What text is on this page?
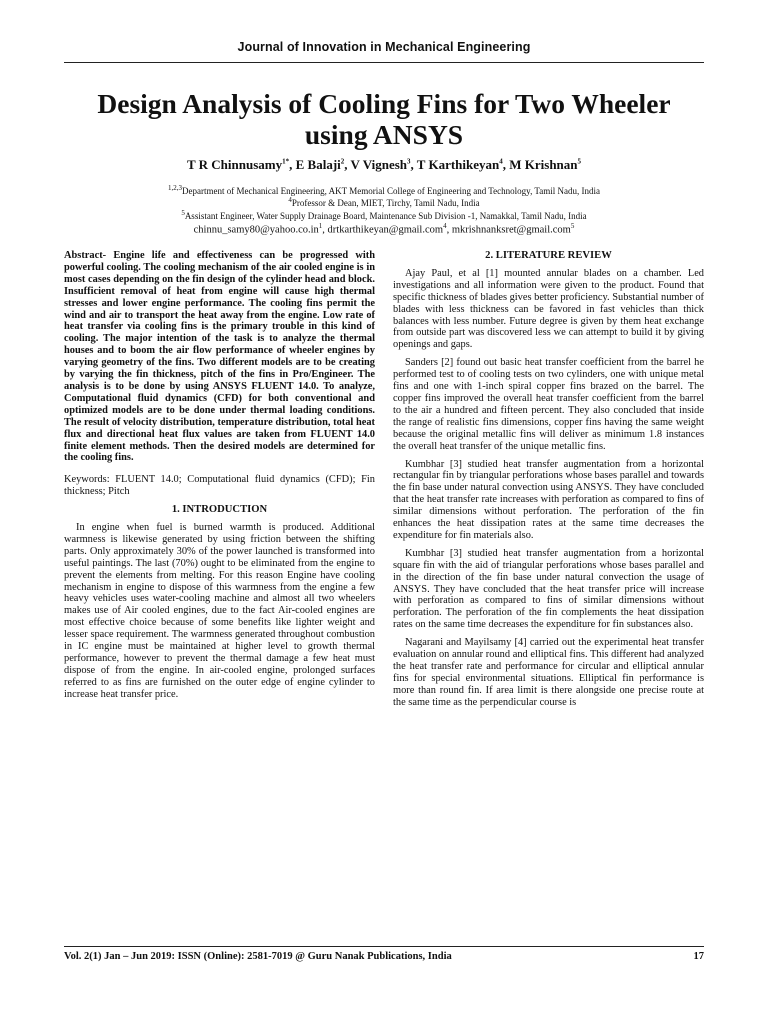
Journal of Innovation in Mechanical Engineering
Design Analysis of Cooling Fins for Two Wheeler using ANSYS
T R Chinnusamy$^{1*}$, E Balaji$^2$, V Vignesh$^3$, T Karthikeyan$^4$, M Krishnan$^5$
$^{1,2,3}$Department of Mechanical Engineering, AKT Memorial College of Engineering and Technology, Tamil Nadu, India
$^4$Professor & Dean, MIET, Tirchy, Tamil Nadu, India
$^5$Assistant Engineer, Water Supply Drainage Board, Maintenance Sub Division -1, Namakkal, Tamil Nadu, India
$chinnu\_samy80@yahoo.co.in^1$, drtkarthikeyan@gmail.com$^4$, mkrishnanksret@gmail.com$^5$

Abstract- Engine life and effectiveness can be progressed with powerful cooling. The cooling mechanism of the air cooled engine is in most cases depending on the fin design of the cylinder head and block. Insufficient removal of heat from engine will cause high thermal stresses and lower engine performance. The cooling fins permit the wind and air to transport the heat away from the engine. Low rate of heat transfer via cooling fins is the primary trouble in this kind of cooling. The major intention of the task is to analyze the thermal houses and to boom the air flow performance of wheeler engines by varying geometry of the fins. Two different models are to be creating by varying the fin thickness, pitch of the fins in Pro/Engineer. The analysis is to be done by using ANSYS FLUENT 14.0. To analyze, Computational fluid dynamics (CFD) for both conventional and optimized models are to be done under thermal loading conditions. The result of velocity distribution, temperature distribution, total heat flux and directional heat flux values are taken from FLUENT 14.0 finite element methods. Then the desired models are determined for the cooling fins.

Keywords: FLUENT 14.0; Computational fluid dynamics (CFD); Fin thickness; Pitch

1. INTRODUCTION

In engine when fuel is burned warmth is produced. Additional warmness is likewise generated by using friction between the shifting parts. Only approximately 30% of the power launched is transformed into useful paintings. The last (70%) ought to be eliminated from the engine to prevent the elements from melting. For this reason Engine have cooling mechanism in engine to dispose of this warmness from the engine a few heavy vehicles uses water-cooling machine and almost all two wheelers makes use of Air cooled engines, due to the fact Air-cooled engines are most effective choice because of some benefits like lighter weight and lesser space requirement. The warmness generated throughout combustion in IC engine must be maintained at higher level to growth thermal performance, however to prevent the thermal damage a few heat must dispose of from the engine. In air-cooled engine, prolonged surfaces referred to as fins are furnished on the outer edge of engine cylinder to increase heat transfer price.

2. LITERATURE REVIEW

Ajay Paul, et al [1] mounted annular blades on a chamber. Led investigations and all information were given to the product. Found that specific thickness of blades gives better proficiency. Substantial number of blades with less thickness can be favored in fast vehicles than thick balances with less number. Future degree is given by them heat exchange from outside part was discovered less we can attempt to build it by giving openings and gaps.

Sanders [2] found out basic heat transfer coefficient from the barrel he performed test to of cooling tests on two cylinders, one with unique metal fins and one with 1-inch spiral copper fins brazed on the barrel. The copper fins improved the overall heat transfer coefficient from the barrel to the air a hundred and fifteen percent. They also concluded that inside the range of realistic fins dimensions, copper fins having the same weight because the original metallic fins will deliver as minimum 1.8 instances the overall heat transfer of the unique metallic fins.

Kumbhar [3] studied heat transfer augmentation from a horizontal rectangular fin by triangular perforations whose bases parallel and towards the fin base under natural convection using ANSYS. They have concluded that the heat transfer rate increases with perforation as compared to fins of similar dimensions without perforation. The perforation of the fin enhances the heat dissipation rates at the same time decreases the expenditure for fin materials also.

Kumbhar [3] studied heat transfer augmentation from a horizontal square fin with the aid of triangular perforations whose bases parallel and in the direction of the fin base under natural convection the usage of ANSYS. They have concluded that the heat transfer price will increase with perforation as compared to fins of similar dimensions without perforation. The perforation of the fin complements the heat dissipation rates on the same time decreases the expenditure for fin substances also.

Nagarani and Mayilsamy [4] carried out the experimental heat transfer evaluation on annular round and elliptical fins. This different had analyzed the heat transfer rate and performance for circular and elliptical annular fins for special environmental situations. Elliptical fin performance is more than round fin. If area limit is there alongside one precise route at the same time as the perpendicular course is

Vol. 2(1) Jan – Jun 2019: ISSN (Online): 2581-7019 @ Guru Nanak Publications, India	17
